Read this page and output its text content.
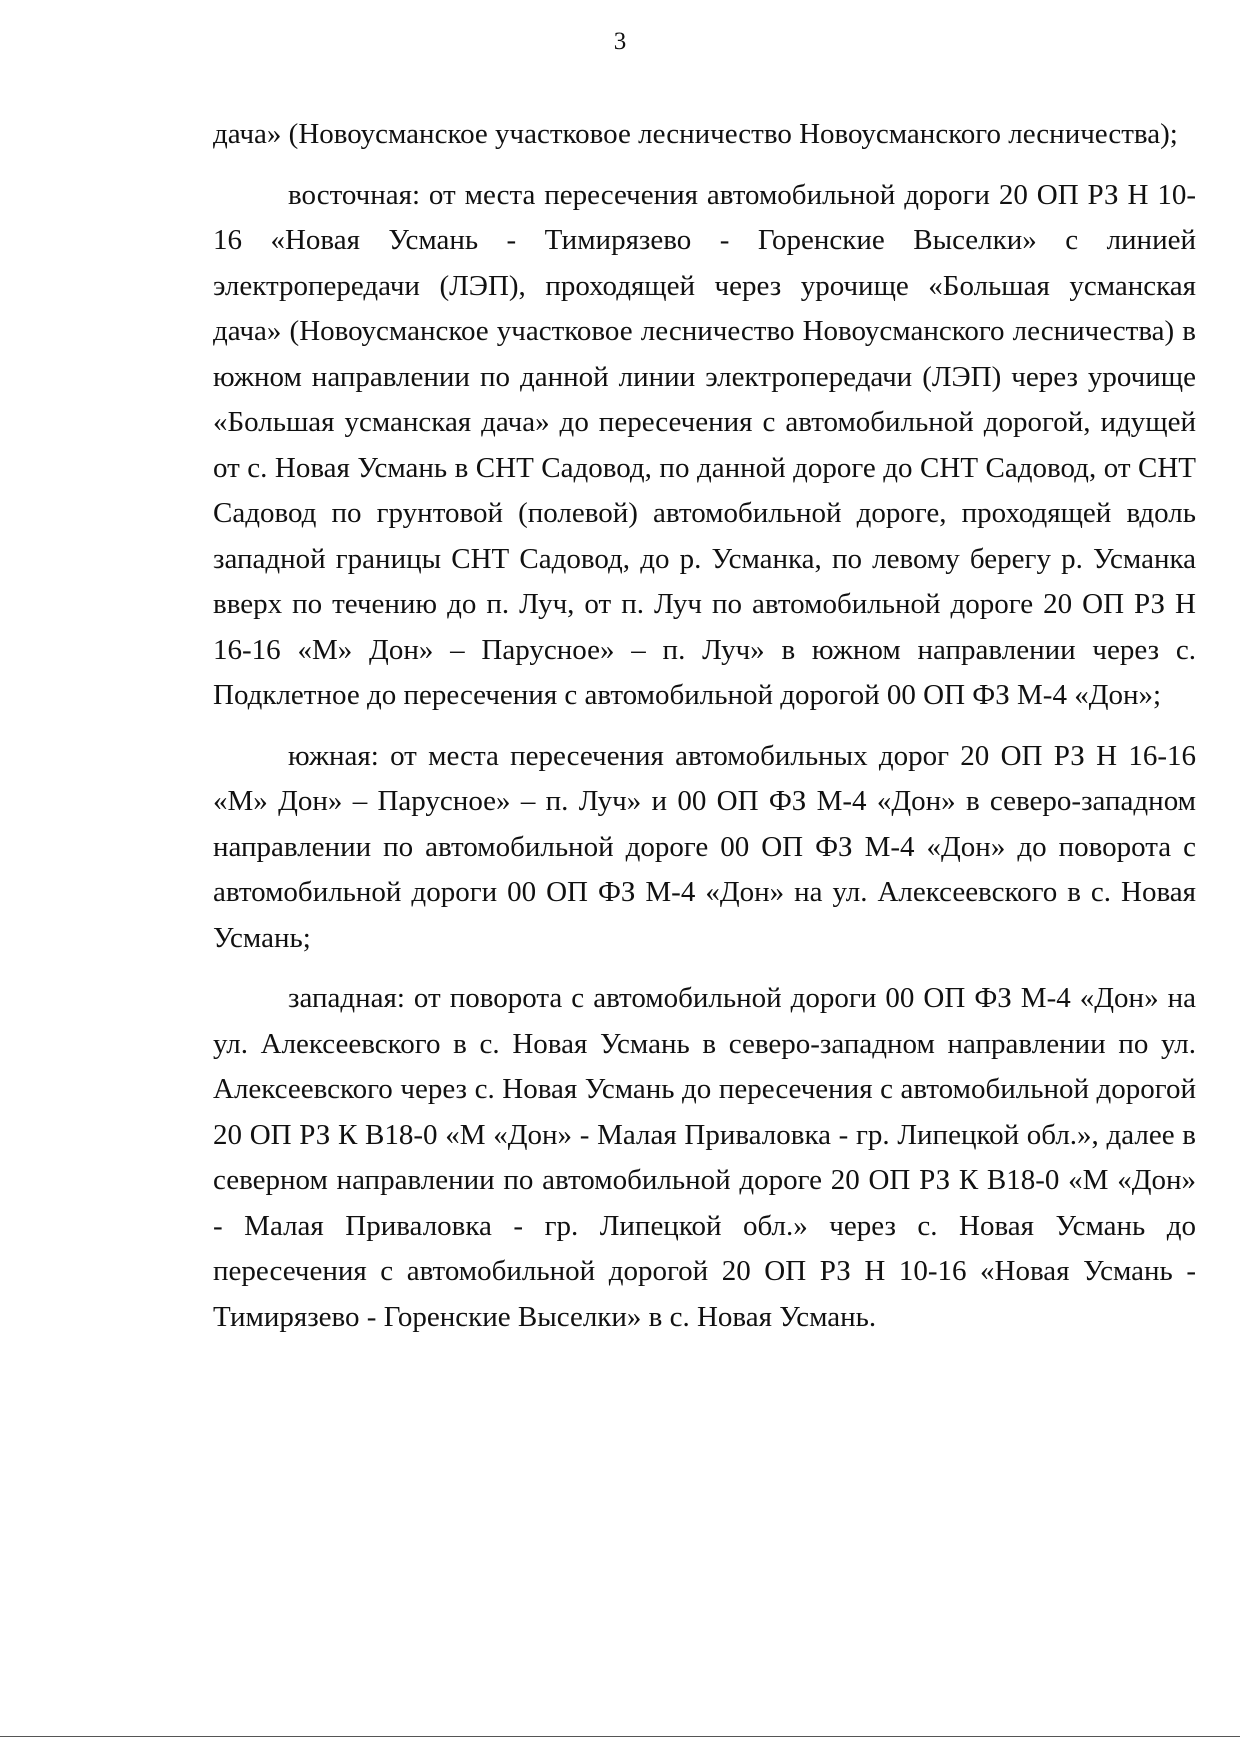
3

дача» (Новоусманское участковое лесничество Новоусманского лесничества);

восточная: от места пересечения автомобильной дороги 20 ОП РЗ Н 10-16 «Новая Усмань - Тимирязево - Горенские Выселки» с линией электропередачи (ЛЭП), проходящей через урочище «Большая усманская дача» (Новоусманское участковое лесничество Новоусманского лесничества) в южном направлении по данной линии электропередачи (ЛЭП) через урочище «Большая усманская дача» до пересечения с автомобильной дорогой, идущей от с. Новая Усмань в СНТ Садовод, по данной дороге до СНТ Садовод, от СНТ Садовод по грунтовой (полевой) автомобильной дороге, проходящей вдоль западной границы СНТ Садовод, до р. Усманка, по левому берегу р. Усманка вверх по течению до п. Луч, от п. Луч по автомобильной дороге 20 ОП РЗ Н 16-16 «М» Дон» – Парусное» – п. Луч» в южном направлении через с. Подклетное до пересечения с автомобильной дорогой 00 ОП ФЗ М-4 «Дон»;

южная: от места пересечения автомобильных дорог 20 ОП РЗ Н 16-16 «М» Дон» – Парусное» – п. Луч» и 00 ОП ФЗ М-4 «Дон» в северо-западном направлении по автомобильной дороге 00 ОП ФЗ М-4 «Дон» до поворота с автомобильной дороги 00 ОП ФЗ М-4 «Дон» на ул. Алексеевского в с. Новая Усмань;

западная: от поворота с автомобильной дороги 00 ОП ФЗ М-4 «Дон» на ул. Алексеевского в с. Новая Усмань в северо-западном направлении по ул. Алексеевского через с. Новая Усмань до пересечения с автомобильной дорогой 20 ОП РЗ К В18-0 «М «Дон» - Малая Приваловка - гр. Липецкой обл.», далее в северном направлении по автомобильной дороге 20 ОП РЗ К В18-0 «М «Дон» - Малая Приваловка - гр. Липецкой обл.» через с. Новая Усмань до пересечения с автомобильной дорогой 20 ОП РЗ Н 10-16 «Новая Усмань - Тимирязево - Горенские Выселки» в с. Новая Усмань.
